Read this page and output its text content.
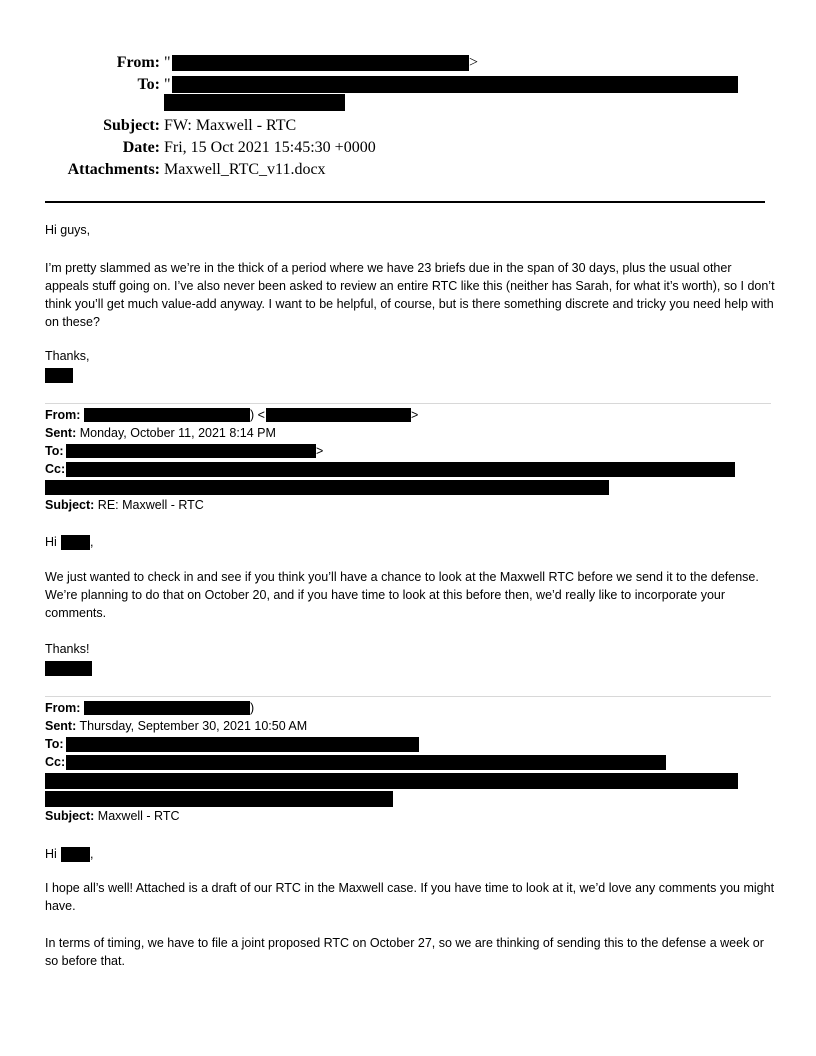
From: "	>
To: "
Subject: FW: Maxwell - RTC
Date: Fri, 15 Oct 2021 15:45:30 +0000
Attachments: Maxwell_RTC_v11.docx
Hi guys,
I’m pretty slammed as we’re in the thick of a period where we have 23 briefs due in the span of 30 days, plus the usual other appeals stuff going on. I’ve also never been asked to review an entire RTC like this (neither has Sarah, for what it’s worth), so I don’t think you’ll get much value-add anyway. I want to be helpful, of course, but is there something discrete and tricky you need help with on these?
Thanks,
From:	) <	>
Sent: Monday, October 11, 2021 8:14 PM
To:	>
Cc:
Subject: RE: Maxwell - RTC
Hi	,
We just wanted to check in and see if you think you’ll have a chance to look at the Maxwell RTC before we send it to the defense. We’re planning to do that on October 20, and if you have time to look at this before then, we’d really like to incorporate your comments.
Thanks!
From:	)
Sent: Thursday, September 30, 2021 10:50 AM
To:
Cc:
Subject: Maxwell - RTC
Hi	,
I hope all’s well! Attached is a draft of our RTC in the Maxwell case. If you have time to look at it, we’d love any comments you might have.
In terms of timing, we have to file a joint proposed RTC on October 27, so we are thinking of sending this to the defense a week or so before that.
